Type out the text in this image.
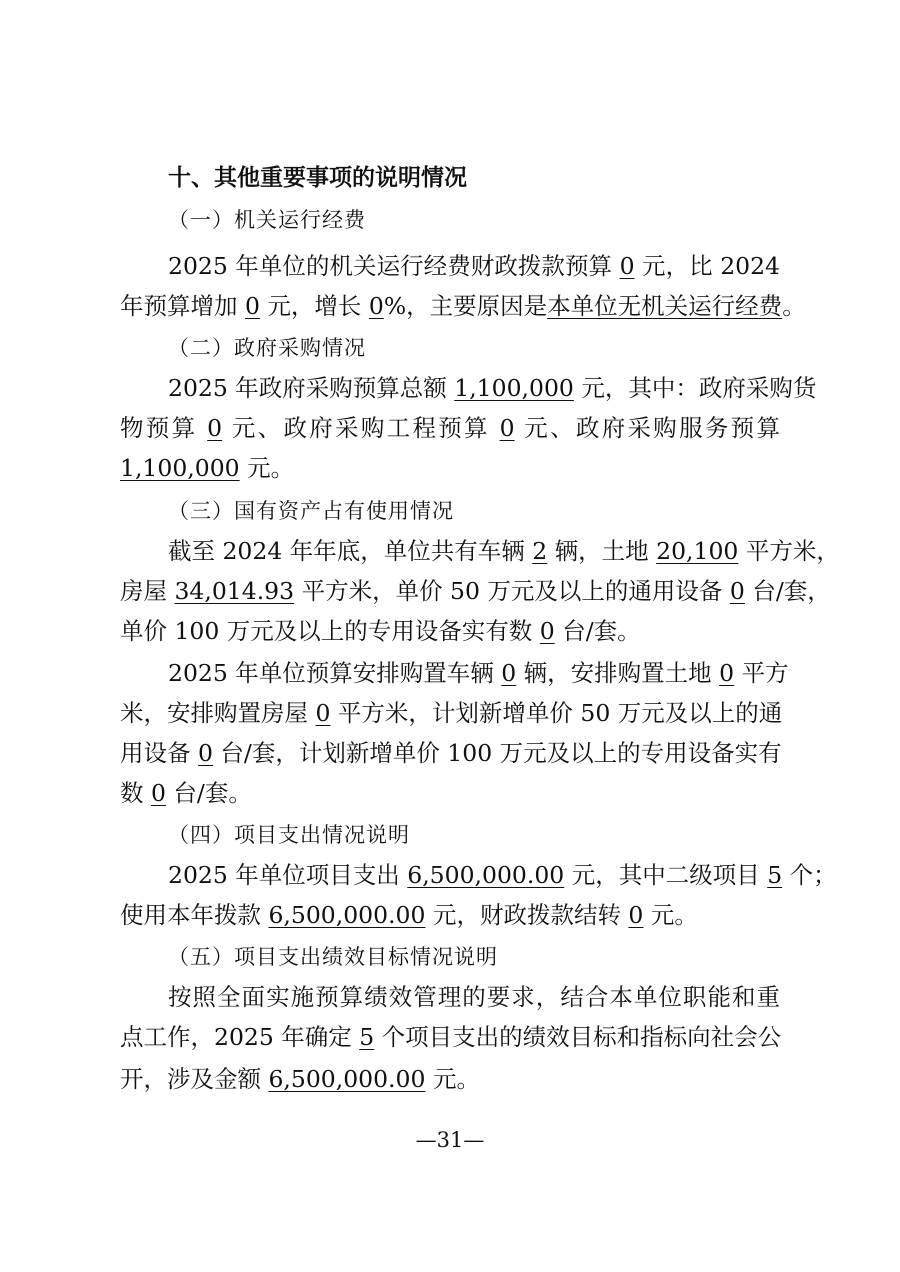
十、其他重要事项的说明情况
（一）机关运行经费
2025 年单位的机关运行经费财政拨款预算 0 元，比 2024
年预算增加 0 元，增长 0%，主要原因是本单位无机关运行经费。
（二）政府采购情况
2025 年政府采购预算总额 1,100,000 元，其中：政府采购货
物预算 0 元、政府采购工程预算 0 元、政府采购服务预算
1,100,000 元。
（三）国有资产占有使用情况
截至 2024 年年底，单位共有车辆 2 辆，土地 20,100 平方米，
房屋 34,014.93 平方米，单价 50 万元及以上的通用设备 0 台/套，
单价 100 万元及以上的专用设备实有数 0 台/套。
2025 年单位预算安排购置车辆 0 辆，安排购置土地 0 平方
米，安排购置房屋 0 平方米，计划新增单价 50 万元及以上的通
用设备 0 台/套，计划新增单价 100 万元及以上的专用设备实有
数 0 台/套。
（四）项目支出情况说明
2025 年单位项目支出 6,500,000.00 元，其中二级项目 5 个；
使用本年拨款 6,500,000.00 元，财政拨款结转 0 元。
（五）项目支出绩效目标情况说明
按照全面实施预算绩效管理的要求，结合本单位职能和重
点工作，2025 年确定 5 个项目支出的绩效目标和指标向社会公
开，涉及金额 6,500,000.00 元。
—31—
